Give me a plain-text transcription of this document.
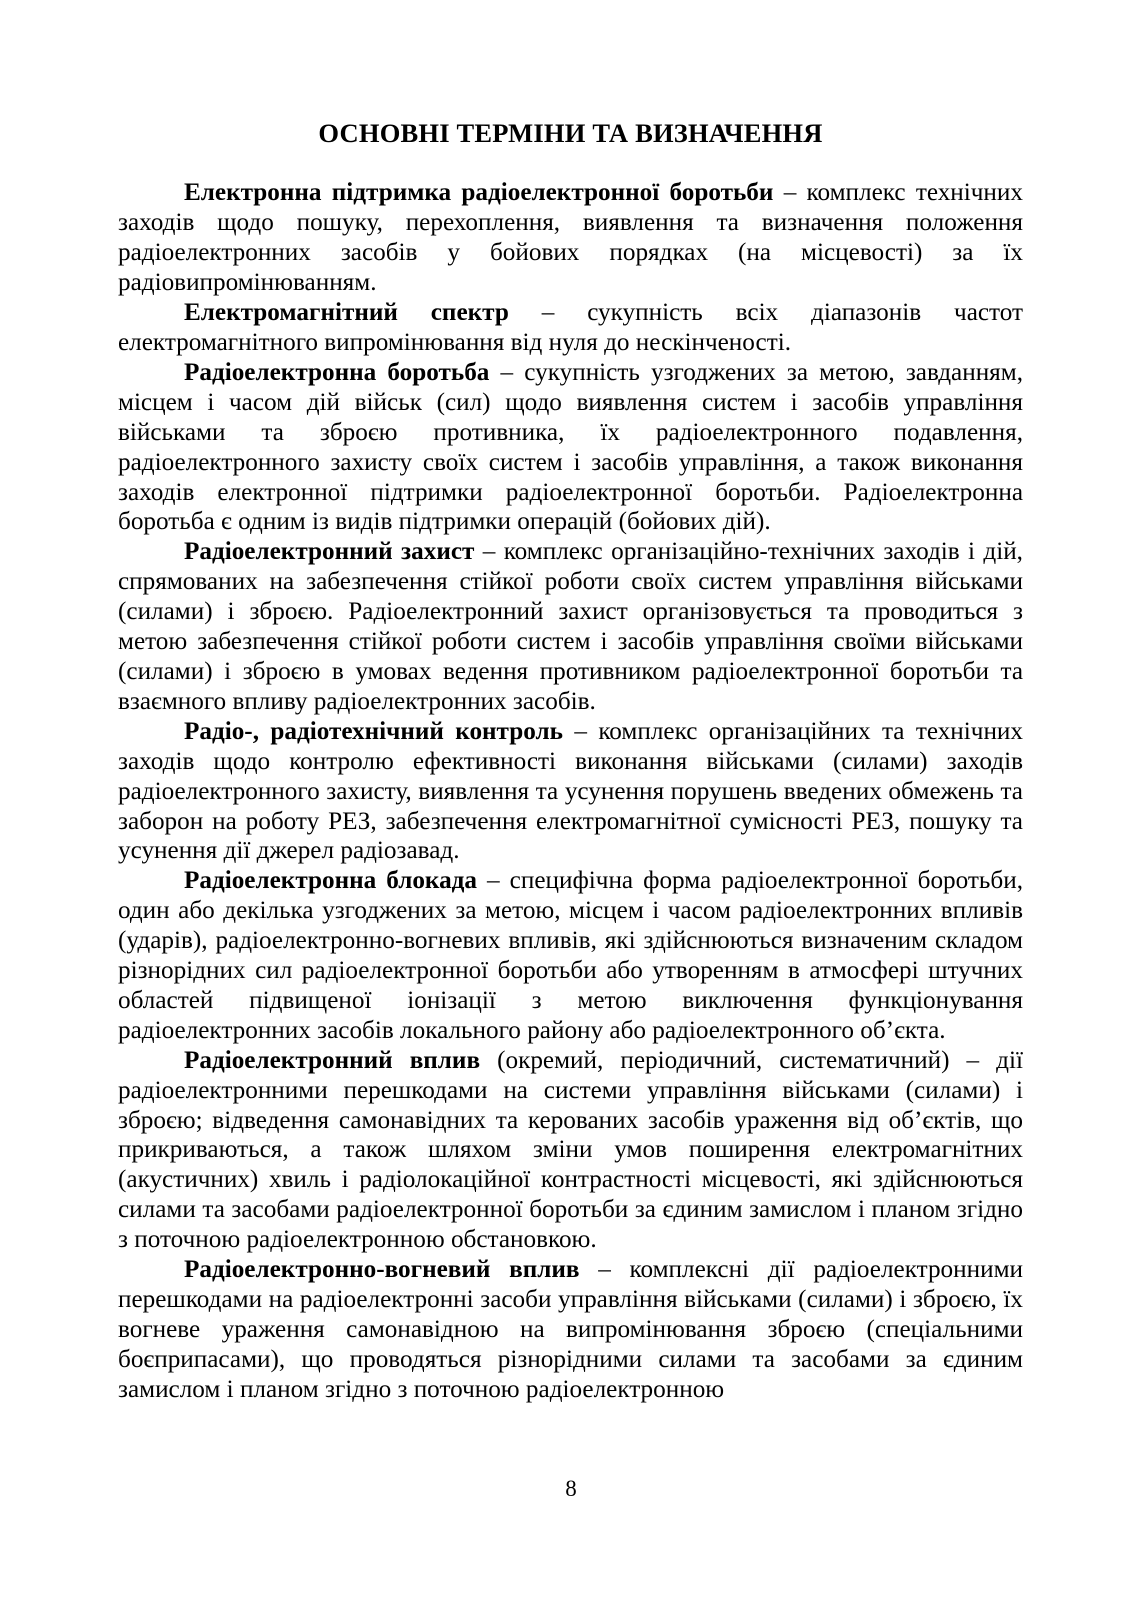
ОСНОВНІ ТЕРМІНИ ТА ВИЗНАЧЕННЯ

Електронна підтримка радіоелектронної боротьби – комплекс технічних заходів щодо пошуку, перехоплення, виявлення та визначення положення радіоелектронних засобів у бойових порядках (на місцевості) за їх радіовипромінюванням.

Електромагнітний спектр – сукупність всіх діапазонів частот електромагнітного випромінювання від нуля до нескінченості.

Радіоелектронна боротьба – сукупність узгоджених за метою, завданням, місцем і часом дій військ (сил) щодо виявлення систем і засобів управління військами та зброєю противника, їх радіоелектронного подавлення, радіоелектронного захисту своїх систем і засобів управління, а також виконання заходів електронної підтримки радіоелектронної боротьби. Радіоелектронна боротьба є одним із видів підтримки операцій (бойових дій).

Радіоелектронний захист – комплекс організаційно-технічних заходів і дій, спрямованих на забезпечення стійкої роботи своїх систем управління військами (силами) і зброєю. Радіоелектронний захист організовується та проводиться з метою забезпечення стійкої роботи систем і засобів управління своїми військами (силами) і зброєю в умовах ведення противником радіоелектронної боротьби та взаємного впливу радіоелектронних засобів.

Радіо-, радіотехнічний контроль – комплекс організаційних та технічних заходів щодо контролю ефективності виконання військами (силами) заходів радіоелектронного захисту, виявлення та усунення порушень введених обмежень та заборон на роботу РЕЗ, забезпечення електромагнітної сумісності РЕЗ, пошуку та усунення дії джерел радіозавад.

Радіоелектронна блокада – специфічна форма радіоелектронної боротьби, один або декілька узгоджених за метою, місцем і часом радіоелектронних впливів (ударів), радіоелектронно-вогневих впливів, які здійснюються визначеним складом різнорідних сил радіоелектронної боротьби або утворенням в атмосфері штучних областей підвищеної іонізації з метою виключення функціонування радіоелектронних засобів локального району або радіоелектронного об’єкта.

Радіоелектронний вплив (окремий, періодичний, систематичний) – дії радіоелектронними перешкодами на системи управління військами (силами) і зброєю; відведення самонавідних та керованих засобів ураження від об’єктів, що прикриваються, а також шляхом зміни умов поширення електромагнітних (акустичних) хвиль і радіолокаційної контрастності місцевості, які здійснюються силами та засобами радіоелектронної боротьби за єдиним замислом і планом згідно з поточною радіоелектронною обстановкою.

Радіоелектронно-вогневий вплив – комплексні дії радіоелектронними перешкодами на радіоелектронні засоби управління військами (силами) і зброєю, їх вогневе ураження самонавідною на випромінювання зброєю (спеціальними боєприпасами), що проводяться різнорідними силами та засобами за єдиним замислом і планом згідно з поточною радіоелектронною

8
